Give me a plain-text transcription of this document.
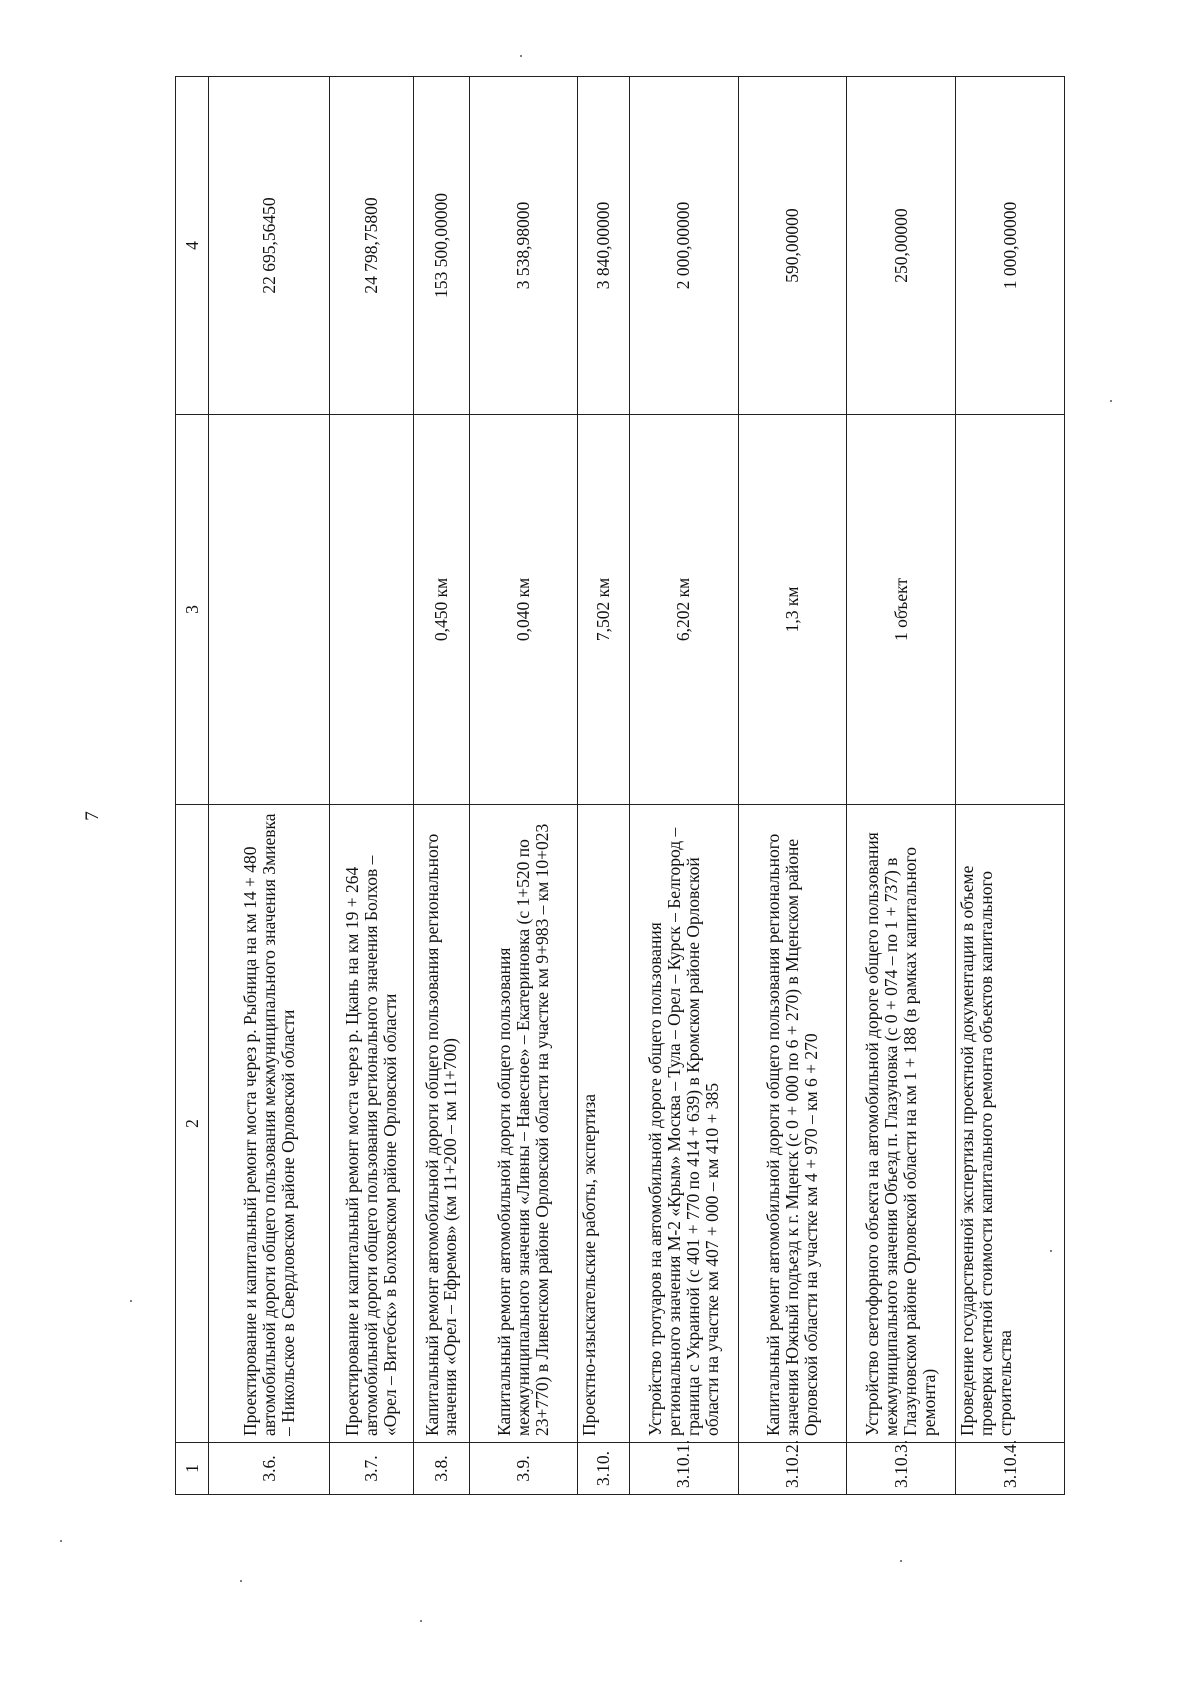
7
1	2	3	4
3.6.	Проектирование и капитальный ремонт моста через р. Рыбница на км 14 + 480 автомобильной дороги общего пользования межмуниципального значения Змиевка – Никольское в Свердловском районе Орловской области		22 695,56450
3.7.	Проектирование и капитальный ремонт моста через р. Цкань на км 19 + 264 автомобильной дороги общего пользования регионального значения Болхов – «Орел – Витебск» в Болховском районе Орловской области		24 798,75800
3.8.	Капитальный ремонт автомобильной дороги общего пользования регионального значения «Орел – Ефремов» (км 11+200 – км 11+700)	0,450 км	153 500,00000
3.9.	Капитальный ремонт автомобильной дороги общего пользования межмуниципального значения «Ливны – Навесное» – Екатериновка (с 1+520 по 23+770) в Ливенском районе Орловской области на участке км 9+983 – км 10+023	0,040 км	3 538,98000
3.10.	Проектно-изыскательские работы, экспертиза	7,502 км	3 840,00000
3.10.1.	Устройство тротуаров на автомобильной дороге общего пользования регионального значения М-2 «Крым» Москва – Тула – Орел – Курск – Белгород – граница с Украиной (с 401 + 770 по 414 + 639) в Кромском районе Орловской области на участке км 407 + 000 – км 410 + 385	6,202 км	2 000,00000
3.10.2.	Капитальный ремонт автомобильной дороги общего пользования регионального значения Южный подъезд к г. Мценск (с 0 + 000 по 6 + 270) в Мценском районе Орловской области на участке км 4 + 970 – км 6 + 270	1,3 км	590,00000
3.10.3.	Устройство светофорного объекта на автомобильной дороге общего пользования межмуниципального значения Объезд п. Глазуновка (с 0 + 074 – по 1 + 737) в Глазуновском районе Орловской области на км 1 + 188 (в рамках капитального ремонта)	1 объект	250,00000
3.10.4.	Проведение государственной экспертизы проектной документации в объеме проверки сметной стоимости капитального ремонта объектов капитального строительства		1 000,00000
